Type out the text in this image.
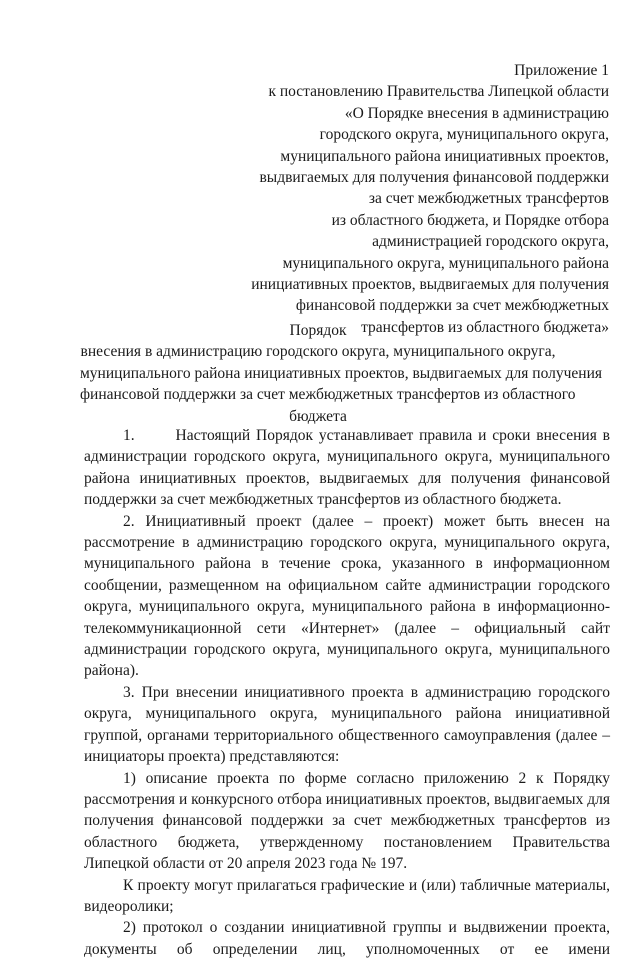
Приложение 1
к постановлению Правительства Липецкой области
«О Порядке внесения в администрацию
городского округа, муниципального округа,
муниципального района инициативных проектов,
выдвигаемых для получения финансовой поддержки
за счет межбюджетных трансфертов
из областного бюджета, и Порядке отбора
администрацией городского округа,
муниципального округа, муниципального района
инициативных проектов, выдвигаемых для получения
финансовой поддержки за счет межбюджетных
трансфертов из областного бюджета»
Порядок
внесения в администрацию городского округа, муниципального округа,
муниципального района инициативных проектов, выдвигаемых для получения
финансовой поддержки за счет межбюджетных трансфертов из областного
бюджета

1.       Настоящий Порядок устанавливает правила и сроки внесения в администрации городского округа, муниципального округа, муниципального района инициативных проектов, выдвигаемых для получения финансовой поддержки за счет межбюджетных трансфертов из областного бюджета.

2. Инициативный проект (далее – проект) может быть внесен на рассмотрение в администрацию городского округа, муниципального округа, муниципального района в течение срока, указанного в информационном сообщении, размещенном на официальном сайте администрации городского округа, муниципального округа, муниципального района в информационно-телекоммуникационной сети «Интернет» (далее – официальный сайт администрации городского округа, муниципального округа, муниципального района).

3. При внесении инициативного проекта в администрацию городского округа, муниципального округа, муниципального района инициативной группой, органами территориального общественного самоуправления (далее – инициаторы проекта) представляются:

1) описание проекта по форме согласно приложению 2 к Порядку рассмотрения и конкурсного отбора инициативных проектов, выдвигаемых для получения финансовой поддержки за счет межбюджетных трансфертов из областного бюджета, утвержденному постановлением Правительства Липецкой области от 20 апреля 2023 года № 197.

К проекту могут прилагаться графические и (или) табличные материалы, видеоролики;

2) протокол о создании инициативной группы и выдвижении проекта, документы об определении лиц, уполномоченных от ее имени
